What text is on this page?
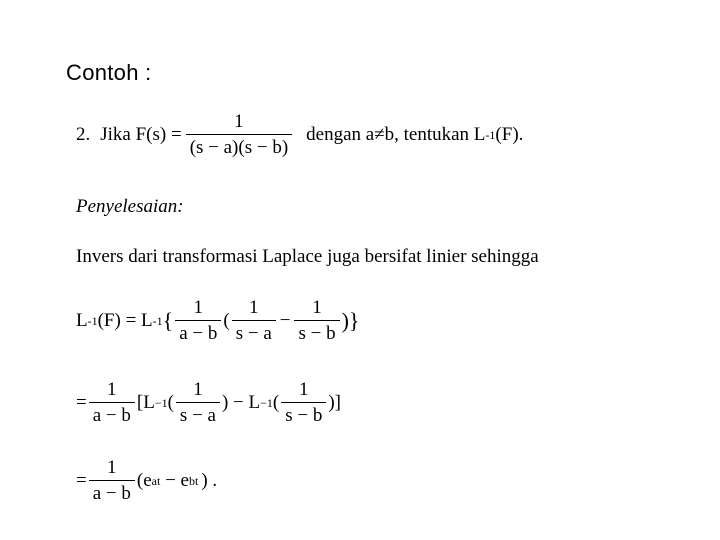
Contoh :
2. Jika $F(s) = \frac{1}{(s - a)(s - b)}$ dengan a≠b, tentukan L -1 (F).
Penyelesaian:
Invers dari transformasi Laplace juga bersifat linier sehingga
L -1 (F) = L -1 { $\frac{1}{a - b}$ ( $\frac{1}{s - a} - \frac{1}{s - b}$ )}
= $\frac{1}{a - b} [L -1$ ( $\frac{1}{s - a}$ ) − L −1 ( $\frac{1}{s - b}$ )]
= $\frac{1}{a - b} (e$ at − e bt ) .
